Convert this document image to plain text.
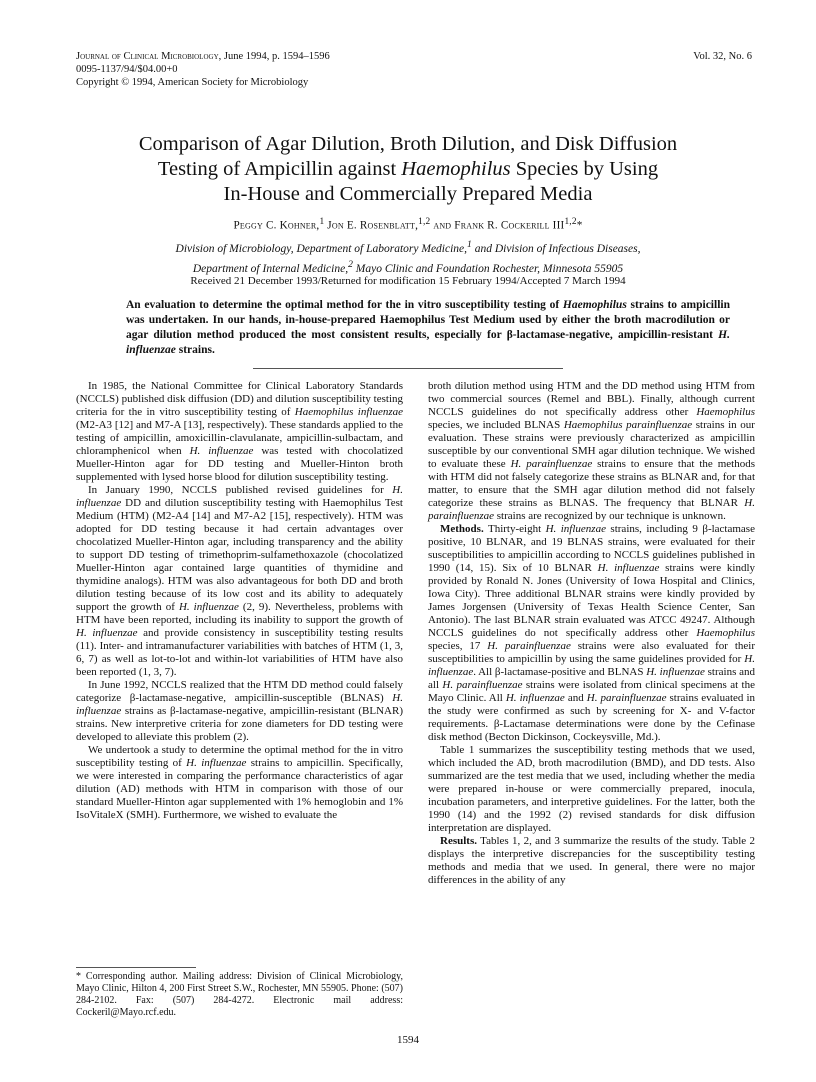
Journal of Clinical Microbiology, June 1994, p. 1594–1596
0095-1137/94/$04.00+0
Copyright © 1994, American Society for Microbiology
Vol. 32, No. 6
Comparison of Agar Dilution, Broth Dilution, and Disk Diffusion
Testing of Ampicillin against Haemophilus Species by Using
In-House and Commercially Prepared Media
Peggy C. Kohner,$^1$ Jon E. Rosenblatt,$^{1,2}$ and Frank R. Cockerill III$^{1,2}$*
Division of Microbiology, Department of Laboratory Medicine,$^1$ and Division of Infectious Diseases,
Department of Internal Medicine,$^2$ Mayo Clinic and Foundation Rochester, Minnesota 55905
Received 21 December 1993/Returned for modification 15 February 1994/Accepted 7 March 1994
An evaluation to determine the optimal method for the in vitro susceptibility testing of Haemophilus strains to ampicillin was undertaken. In our hands, in-house-prepared Haemophilus Test Medium used by either the broth macrodilution or agar dilution method produced the most consistent results, especially for β-lactamase-negative, ampicillin-resistant H. influenzae strains.

In 1985, the National Committee for Clinical Laboratory Standards (NCCLS) published disk diffusion (DD) and dilution susceptibility testing criteria for the in vitro susceptibility testing of Haemophilus influenzae (M2-A3 [12] and M7-A [13], respectively). These standards applied to the testing of ampicillin, amoxicillin-clavulanate, ampicillin-sulbactam, and chloramphenicol when H. influenzae was tested with chocolatized Mueller-Hinton agar for DD testing and Mueller-Hinton broth supplemented with lysed horse blood for dilution susceptibility testing.

In January 1990, NCCLS published revised guidelines for H. influenzae DD and dilution susceptibility testing with Haemophilus Test Medium (HTM) (M2-A4 [14] and M7-A2 [15], respectively). HTM was adopted for DD testing because it had certain advantages over chocolatized Mueller-Hinton agar, including transparency and the ability to support DD testing of trimethoprim-sulfamethoxazole (chocolatized Mueller-Hinton agar contained large quantities of thymidine and thymidine analogs). HTM was also advantageous for both DD and broth dilution testing because of its low cost and its ability to adequately support the growth of H. influenzae (2, 9). Nevertheless, problems with HTM have been reported, including its inability to support the growth of H. influenzae and provide consistency in susceptibility testing results (11). Inter- and intramanufacturer variabilities with batches of HTM (1, 3, 6, 7) as well as lot-to-lot and within-lot variabilities of HTM have also been reported (1, 3, 7).

In June 1992, NCCLS realized that the HTM DD method could falsely categorize β-lactamase-negative, ampicillin-susceptible (BLNAS) H. influenzae strains as β-lactamase-negative, ampicillin-resistant (BLNAR) strains. New interpretive criteria for zone diameters for DD testing were developed to alleviate this problem (2).

We undertook a study to determine the optimal method for the in vitro susceptibility testing of H. influenzae strains to ampicillin. Specifically, we were interested in comparing the performance characteristics of agar dilution (AD) methods with HTM in comparison with those of our standard Mueller-Hinton agar supplemented with 1% hemoglobin and 1% IsoVitaleX (SMH). Furthermore, we wished to evaluate the

broth dilution method using HTM and the DD method using HTM from two commercial sources (Remel and BBL). Finally, although current NCCLS guidelines do not specifically address other Haemophilus species, we included BLNAS Haemophilus parainfluenzae strains in our evaluation. These strains were previously characterized as ampicillin susceptible by our conventional SMH agar dilution technique. We wished to evaluate these H. parainfluenzae strains to ensure that the methods with HTM did not falsely categorize these strains as BLNAR and, for that matter, to ensure that the SMH agar dilution method did not falsely categorize these strains as BLNAS. The frequency that BLNAR H. parainfluenzae strains are recognized by our technique is unknown.

Methods. Thirty-eight H. influenzae strains, including 9 β-lactamase positive, 10 BLNAR, and 19 BLNAS strains, were evaluated for their susceptibilities to ampicillin according to NCCLS guidelines published in 1990 (14, 15). Six of 10 BLNAR H. influenzae strains were kindly provided by Ronald N. Jones (University of Iowa Hospital and Clinics, Iowa City). Three additional BLNAR strains were kindly provided by James Jorgensen (University of Texas Health Science Center, San Antonio). The last BLNAR strain evaluated was ATCC 49247. Although NCCLS guidelines do not specifically address other Haemophilus species, 17 H. parainfluenzae strains were also evaluated for their susceptibilities to ampicillin by using the same guidelines provided for H. influenzae. All β-lactamase-positive and BLNAS H. influenzae strains and all H. parainfluenzae strains were isolated from clinical specimens at the Mayo Clinic. All H. influenzae and H. parainfluenzae strains evaluated in the study were confirmed as such by screening for X- and V-factor requirements. β-Lactamase determinations were done by the Cefinase disk method (Becton Dickinson, Cockeysville, Md.).

Table 1 summarizes the susceptibility testing methods that we used, which included the AD, broth macrodilution (BMD), and DD tests. Also summarized are the test media that we used, including whether the media were prepared in-house or were commercially prepared, inocula, incubation parameters, and interpretive guidelines. For the latter, both the 1990 (14) and the 1992 (2) revised standards for disk diffusion interpretation are displayed.

Results. Tables 1, 2, and 3 summarize the results of the study. Table 2 displays the interpretive discrepancies for the susceptibility testing methods and media that we used. In general, there were no major differences in the ability of any

* Corresponding author. Mailing address: Division of Clinical Microbiology, Mayo Clinic, Hilton 4, 200 First Street S.W., Rochester, MN 55905. Phone: (507) 284-2102. Fax: (507) 284-4272. Electronic mail address: Cockeril@Mayo.rcf.edu.
1594
